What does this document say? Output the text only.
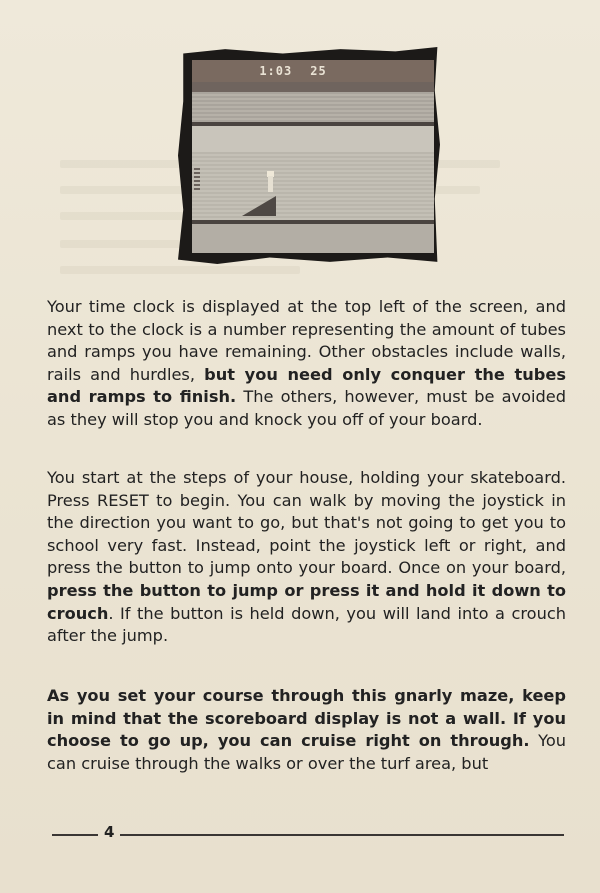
1:03 25
Your time clock is displayed at the top left of the screen, and next to the clock is a number representing the amount of tubes and ramps you have remaining. Other obstacles include walls, rails and hurdles, but you need only conquer the tubes and ramps to finish. The others, however, must be avoided as they will stop you and knock you off of your board.
You start at the steps of your house, holding your skateboard. Press RESET to begin. You can walk by moving the joystick in the direction you want to go, but that's not going to get you to school very fast. Instead, point the joystick left or right, and press the button to jump onto your board. Once on your board, press the button to jump or press it and hold it down to crouch. If the button is held down, you will land into a crouch after the jump.
As you set your course through this gnarly maze, keep in mind that the scoreboard display is not a wall. If you choose to go up, you can cruise right on through. You can cruise through the walks or over the turf area, but
4
